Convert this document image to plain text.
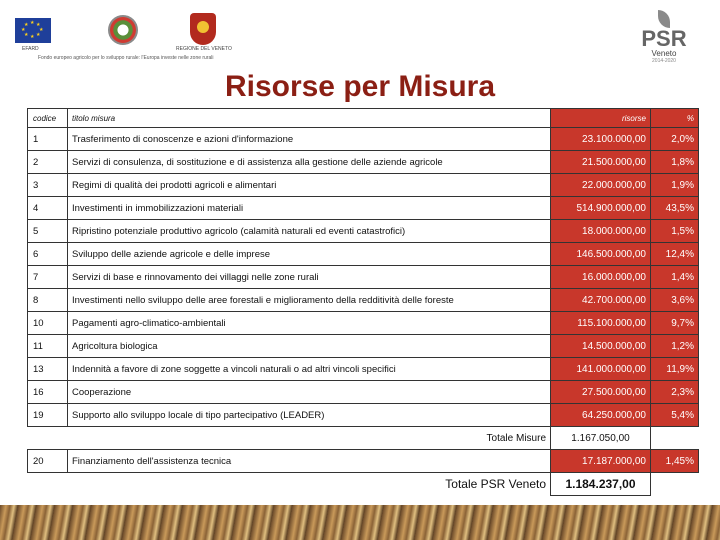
★ ★
★
★
★
★
★
★
EFARD	REGIONE DEL VENETO
Fondo europeo agricolo per lo sviluppo rurale: l'Europa investe nelle zone rurali
PSR
Veneto
2014-2020
Risorse per Misura
codice	titolo misura	risorse	%
1	Trasferimento di conoscenze e azioni d'informazione	23.100.000,00	2,0%
2	Servizi di consulenza, di sostituzione e di assistenza alla gestione delle aziende agricole	21.500.000,00	1,8%
3	Regimi di qualità dei prodotti agricoli e alimentari	22.000.000,00	1,9%
4	Investimenti in immobilizzazioni materiali	514.900.000,00	43,5%
5	Ripristino potenziale produttivo agricolo (calamità naturali ed eventi catastrofici)	18.000.000,00	1,5%
6	Sviluppo delle aziende agricole e delle imprese	146.500.000,00	12,4%
7	Servizi di base e rinnovamento dei villaggi nelle zone rurali	16.000.000,00	1,4%
8	Investimenti nello sviluppo delle aree forestali e miglioramento della redditività delle foreste	42.700.000,00	3,6%
10	Pagamenti agro-climatico-ambientali	115.100.000,00	9,7%
11	Agricoltura biologica	14.500.000,00	1,2%
13	Indennità a favore di zone soggette a vincoli naturali o ad altri vincoli specifici	141.000.000,00	11,9%
16	Cooperazione	27.500.000,00	2,3%
19	Supporto allo sviluppo locale di tipo partecipativo (LEADER)	64.250.000,00	5,4%
Totale Misure		1.167.050,00	
20	Finanziamento dell'assistenza tecnica	17.187.000,00	1,45%
Totale PSR Veneto		1.184.237,00	
